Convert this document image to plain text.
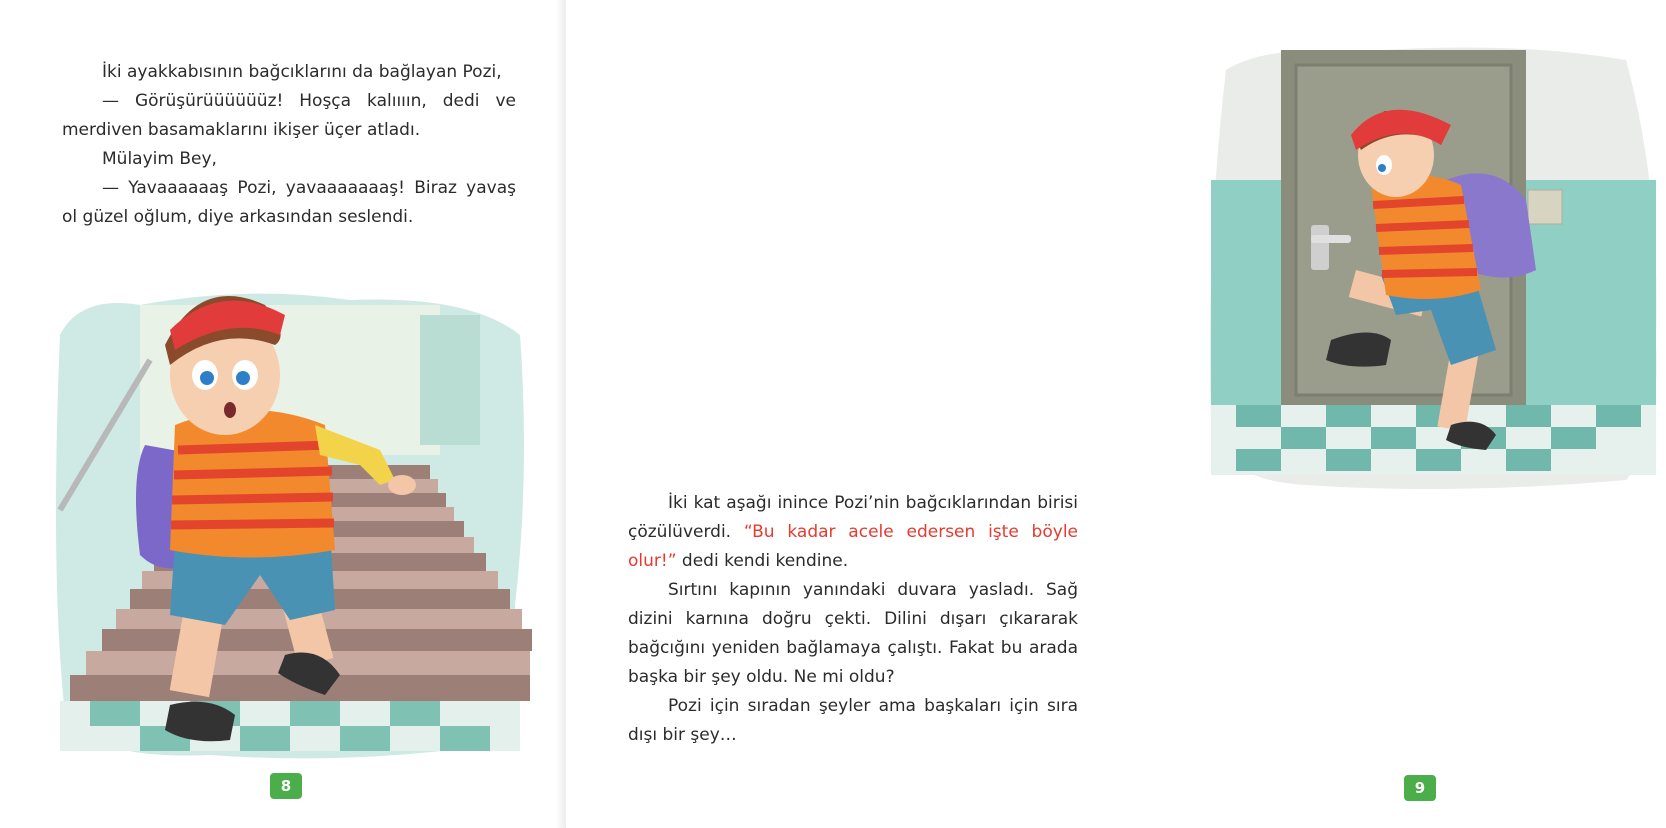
İki ayakkabısının bağcıklarını da bağlayan Pozi,

— Görüşürüüüüüüz! Hoşça kalıııın, dedi ve merdiven basamaklarını ikişer üçer atladı.

Mülayim Bey,

— Yavaaaaaaş Pozi, yavaaaaaaaş! Biraz yavaş ol güzel oğlum, diye arkasından seslendi.

8	9

İki kat aşağı inince Pozi’nin bağcıklarından birisi çözülüverdi. “Bu kadar acele edersen işte böyle olur!” dedi kendi kendine.

Sırtını kapının yanındaki duvara yasladı. Sağ dizini karnına doğru çekti. Dilini dışarı çıkararak bağcığını yeniden bağlamaya çalıştı. Fakat bu arada başka bir şey oldu. Ne mi oldu?

Pozi için sıradan şeyler ama başkaları için sıra dışı bir şey…
